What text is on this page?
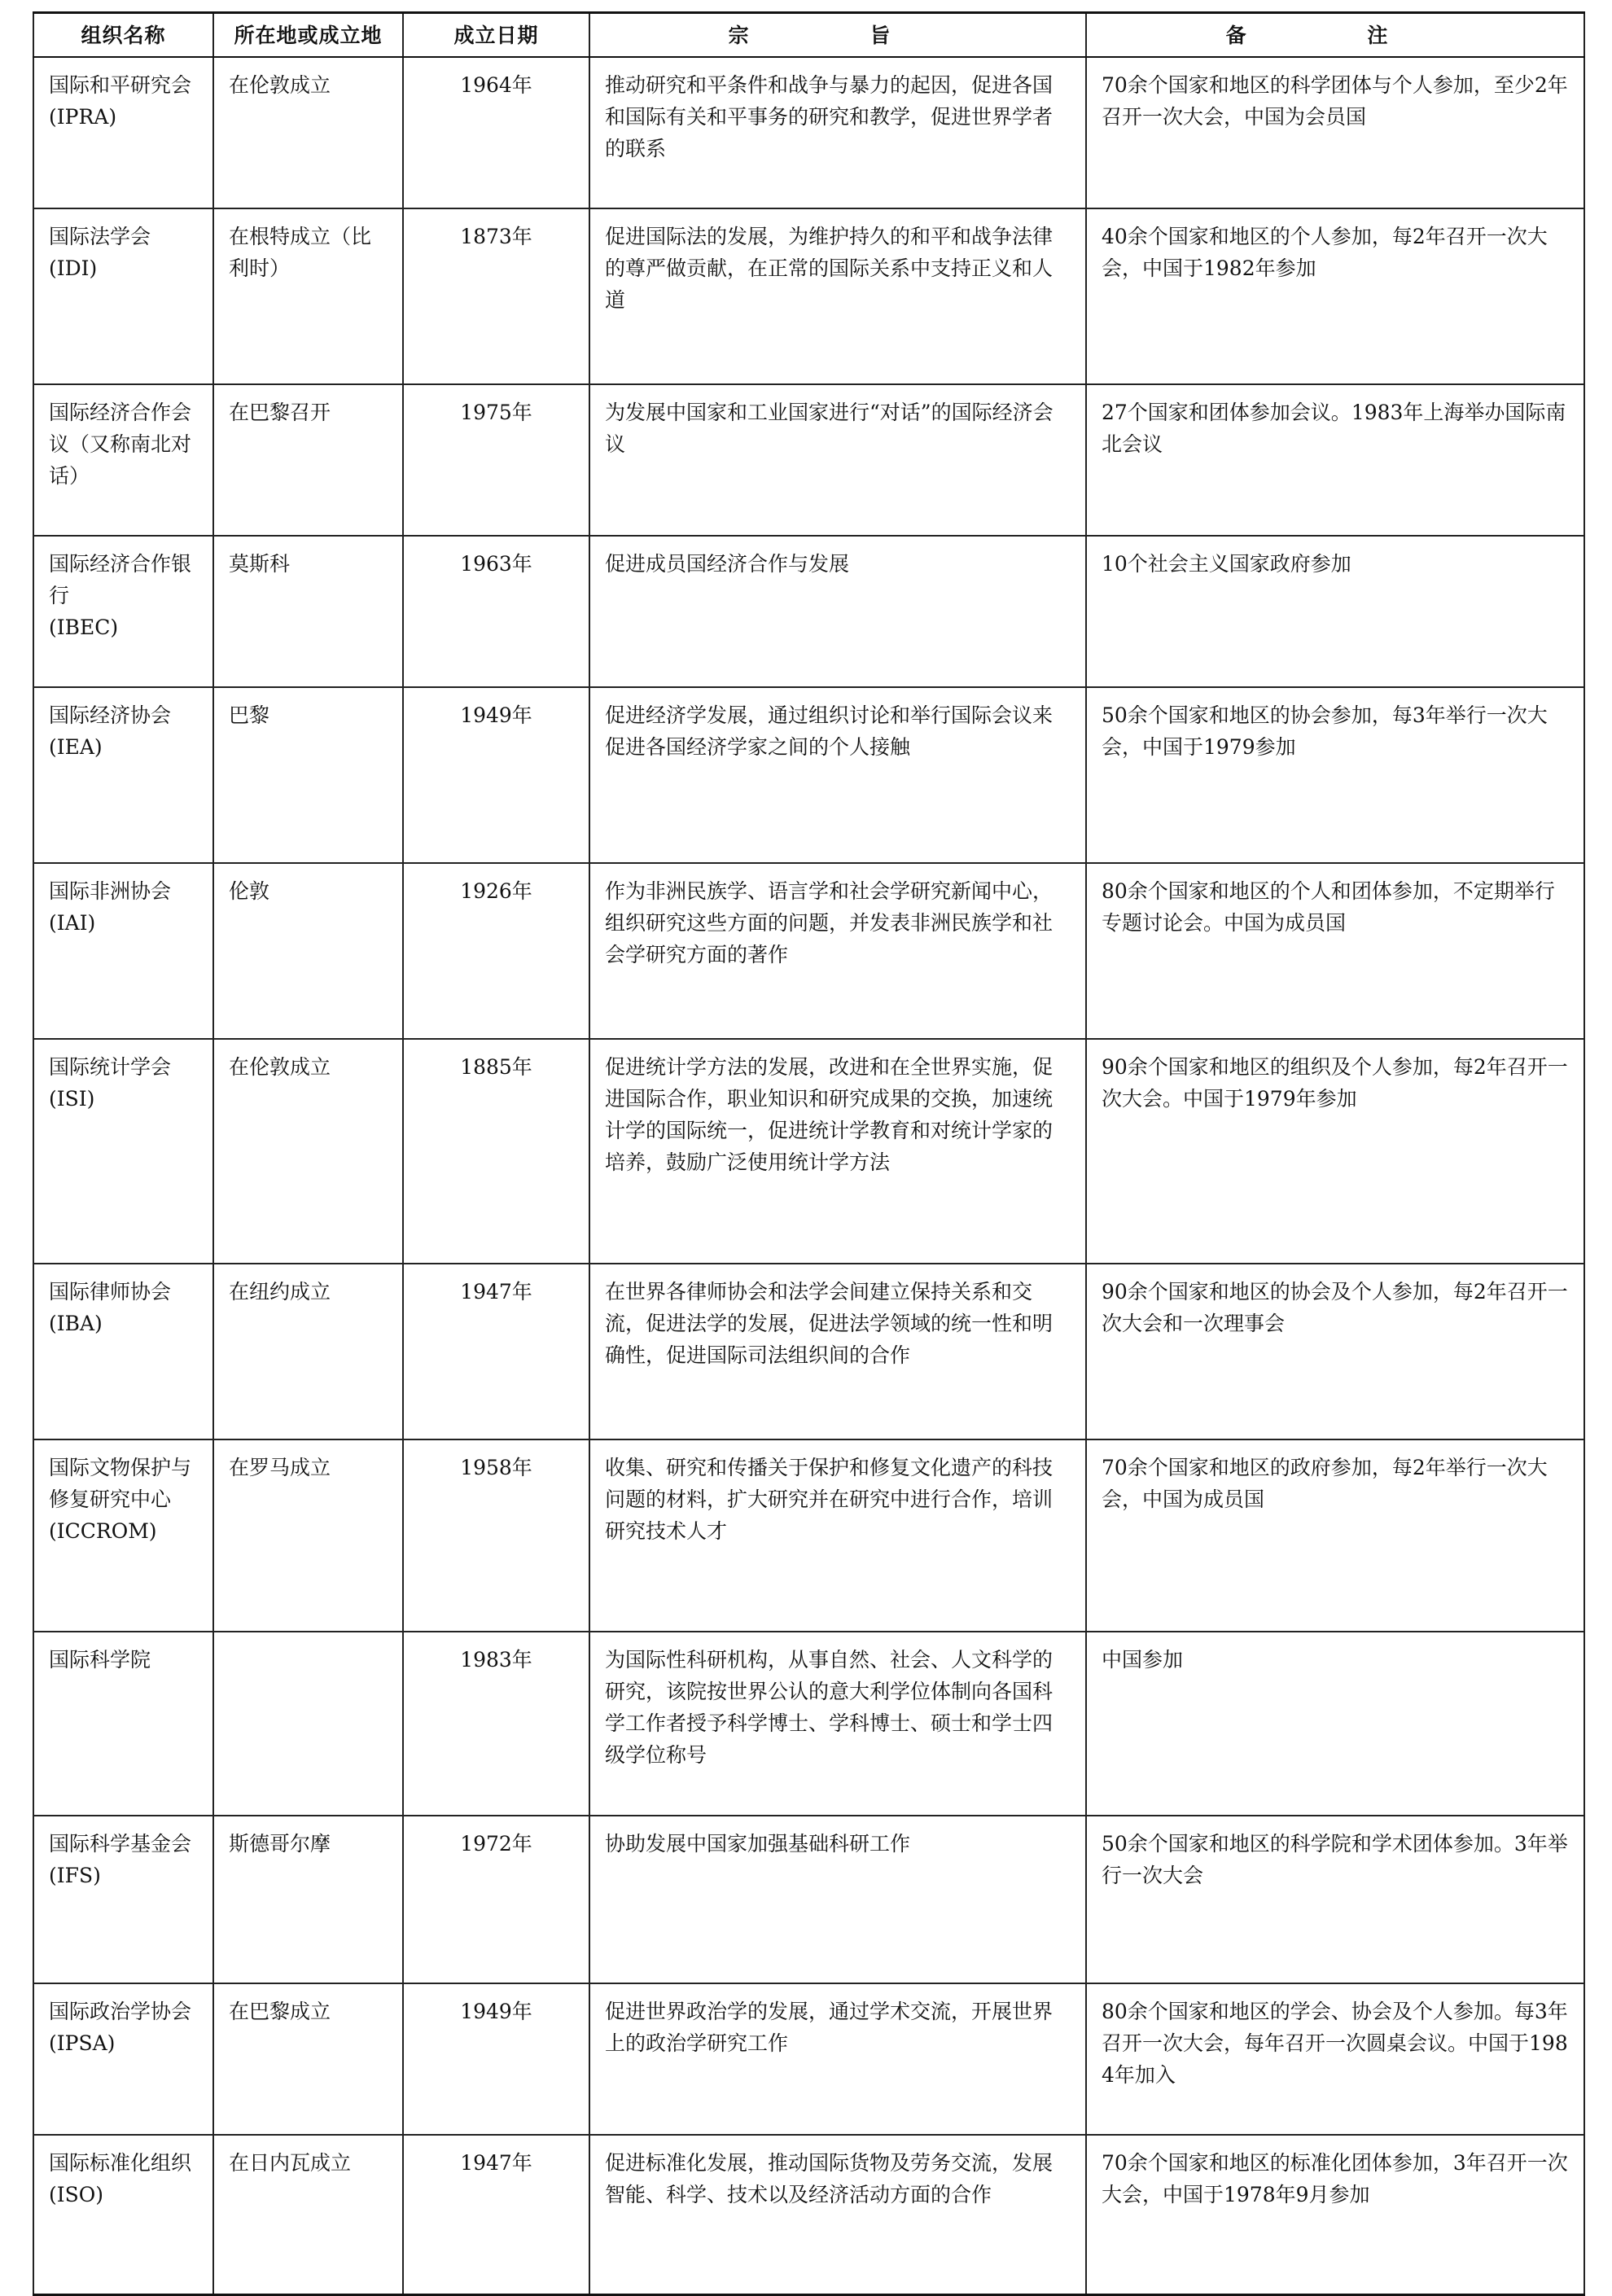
组织名称	所在地或成立地	成立日期	宗 旨	备 注

国际和平研究会
(IPRA)	在伦敦成立	1964年	推动研究和平条件和战争与暴力的起因，促进各国和国际有关和平事务的研究和教学，促进世界学者的联系	70余个国家和地区的科学团体与个人参加，至少2年召开一次大会，中国为会员国

国际法学会
(IDI)	在根特成立（比利时）	1873年	促进国际法的发展，为维护持久的和平和战争法律的尊严做贡献，在正常的国际关系中支持正义和人道	40余个国家和地区的个人参加，每2年召开一次大会，中国于1982年参加

国际经济合作会议（又称南北对话）	在巴黎召开	1975年	为发展中国家和工业国家进行“对话”的国际经济会议	27个国家和团体参加会议。1983年上海举办国际南北会议

国际经济合作银行
(IBEC)	莫斯科	1963年	促进成员国经济合作与发展	10个社会主义国家政府参加

国际经济协会
(IEA)	巴黎	1949年	促进经济学发展，通过组织讨论和举行国际会议来促进各国经济学家之间的个人接触	50余个国家和地区的协会参加，每3年举行一次大会，中国于1979参加

国际非洲协会
(IAI)	伦敦	1926年	作为非洲民族学、语言学和社会学研究新闻中心，组织研究这些方面的问题，并发表非洲民族学和社会学研究方面的著作	80余个国家和地区的个人和团体参加，不定期举行专题讨论会。中国为成员国

国际统计学会
(ISI)	在伦敦成立	1885年	促进统计学方法的发展，改进和在全世界实施，促进国际合作，职业知识和研究成果的交换，加速统计学的国际统一，促进统计学教育和对统计学家的培养，鼓励广泛使用统计学方法	90余个国家和地区的组织及个人参加，每2年召开一次大会。中国于1979年参加

国际律师协会
(IBA)	在纽约成立	1947年	在世界各律师协会和法学会间建立保持关系和交流，促进法学的发展，促进法学领域的统一性和明确性，促进国际司法组织间的合作	90余个国家和地区的协会及个人参加，每2年召开一次大会和一次理事会

国际文物保护与修复研究中心
(ICCROM)	在罗马成立	1958年	收集、研究和传播关于保护和修复文化遗产的科技问题的材料，扩大研究并在研究中进行合作，培训研究技术人才	70余个国家和地区的政府参加，每2年举行一次大会，中国为成员国

国际科学院		1983年	为国际性科研机构，从事自然、社会、人文科学的研究，该院按世界公认的意大利学位体制向各国科学工作者授予科学博士、学科博士、硕士和学士四级学位称号	中国参加

国际科学基金会
(IFS)	斯德哥尔摩	1972年	协助发展中国家加强基础科研工作	50余个国家和地区的科学院和学术团体参加。3年举行一次大会

国际政治学协会
(IPSA)	在巴黎成立	1949年	促进世界政治学的发展，通过学术交流，开展世界上的政治学研究工作	80余个国家和地区的学会、协会及个人参加。每3年召开一次大会，每年召开一次圆桌会议。中国于1984年加入

国际标准化组织
(ISO)	在日内瓦成立	1947年	促进标准化发展，推动国际货物及劳务交流，发展智能、科学、技术以及经济活动方面的合作	70余个国家和地区的标准化团体参加，3年召开一次大会，中国于1978年9月参加
